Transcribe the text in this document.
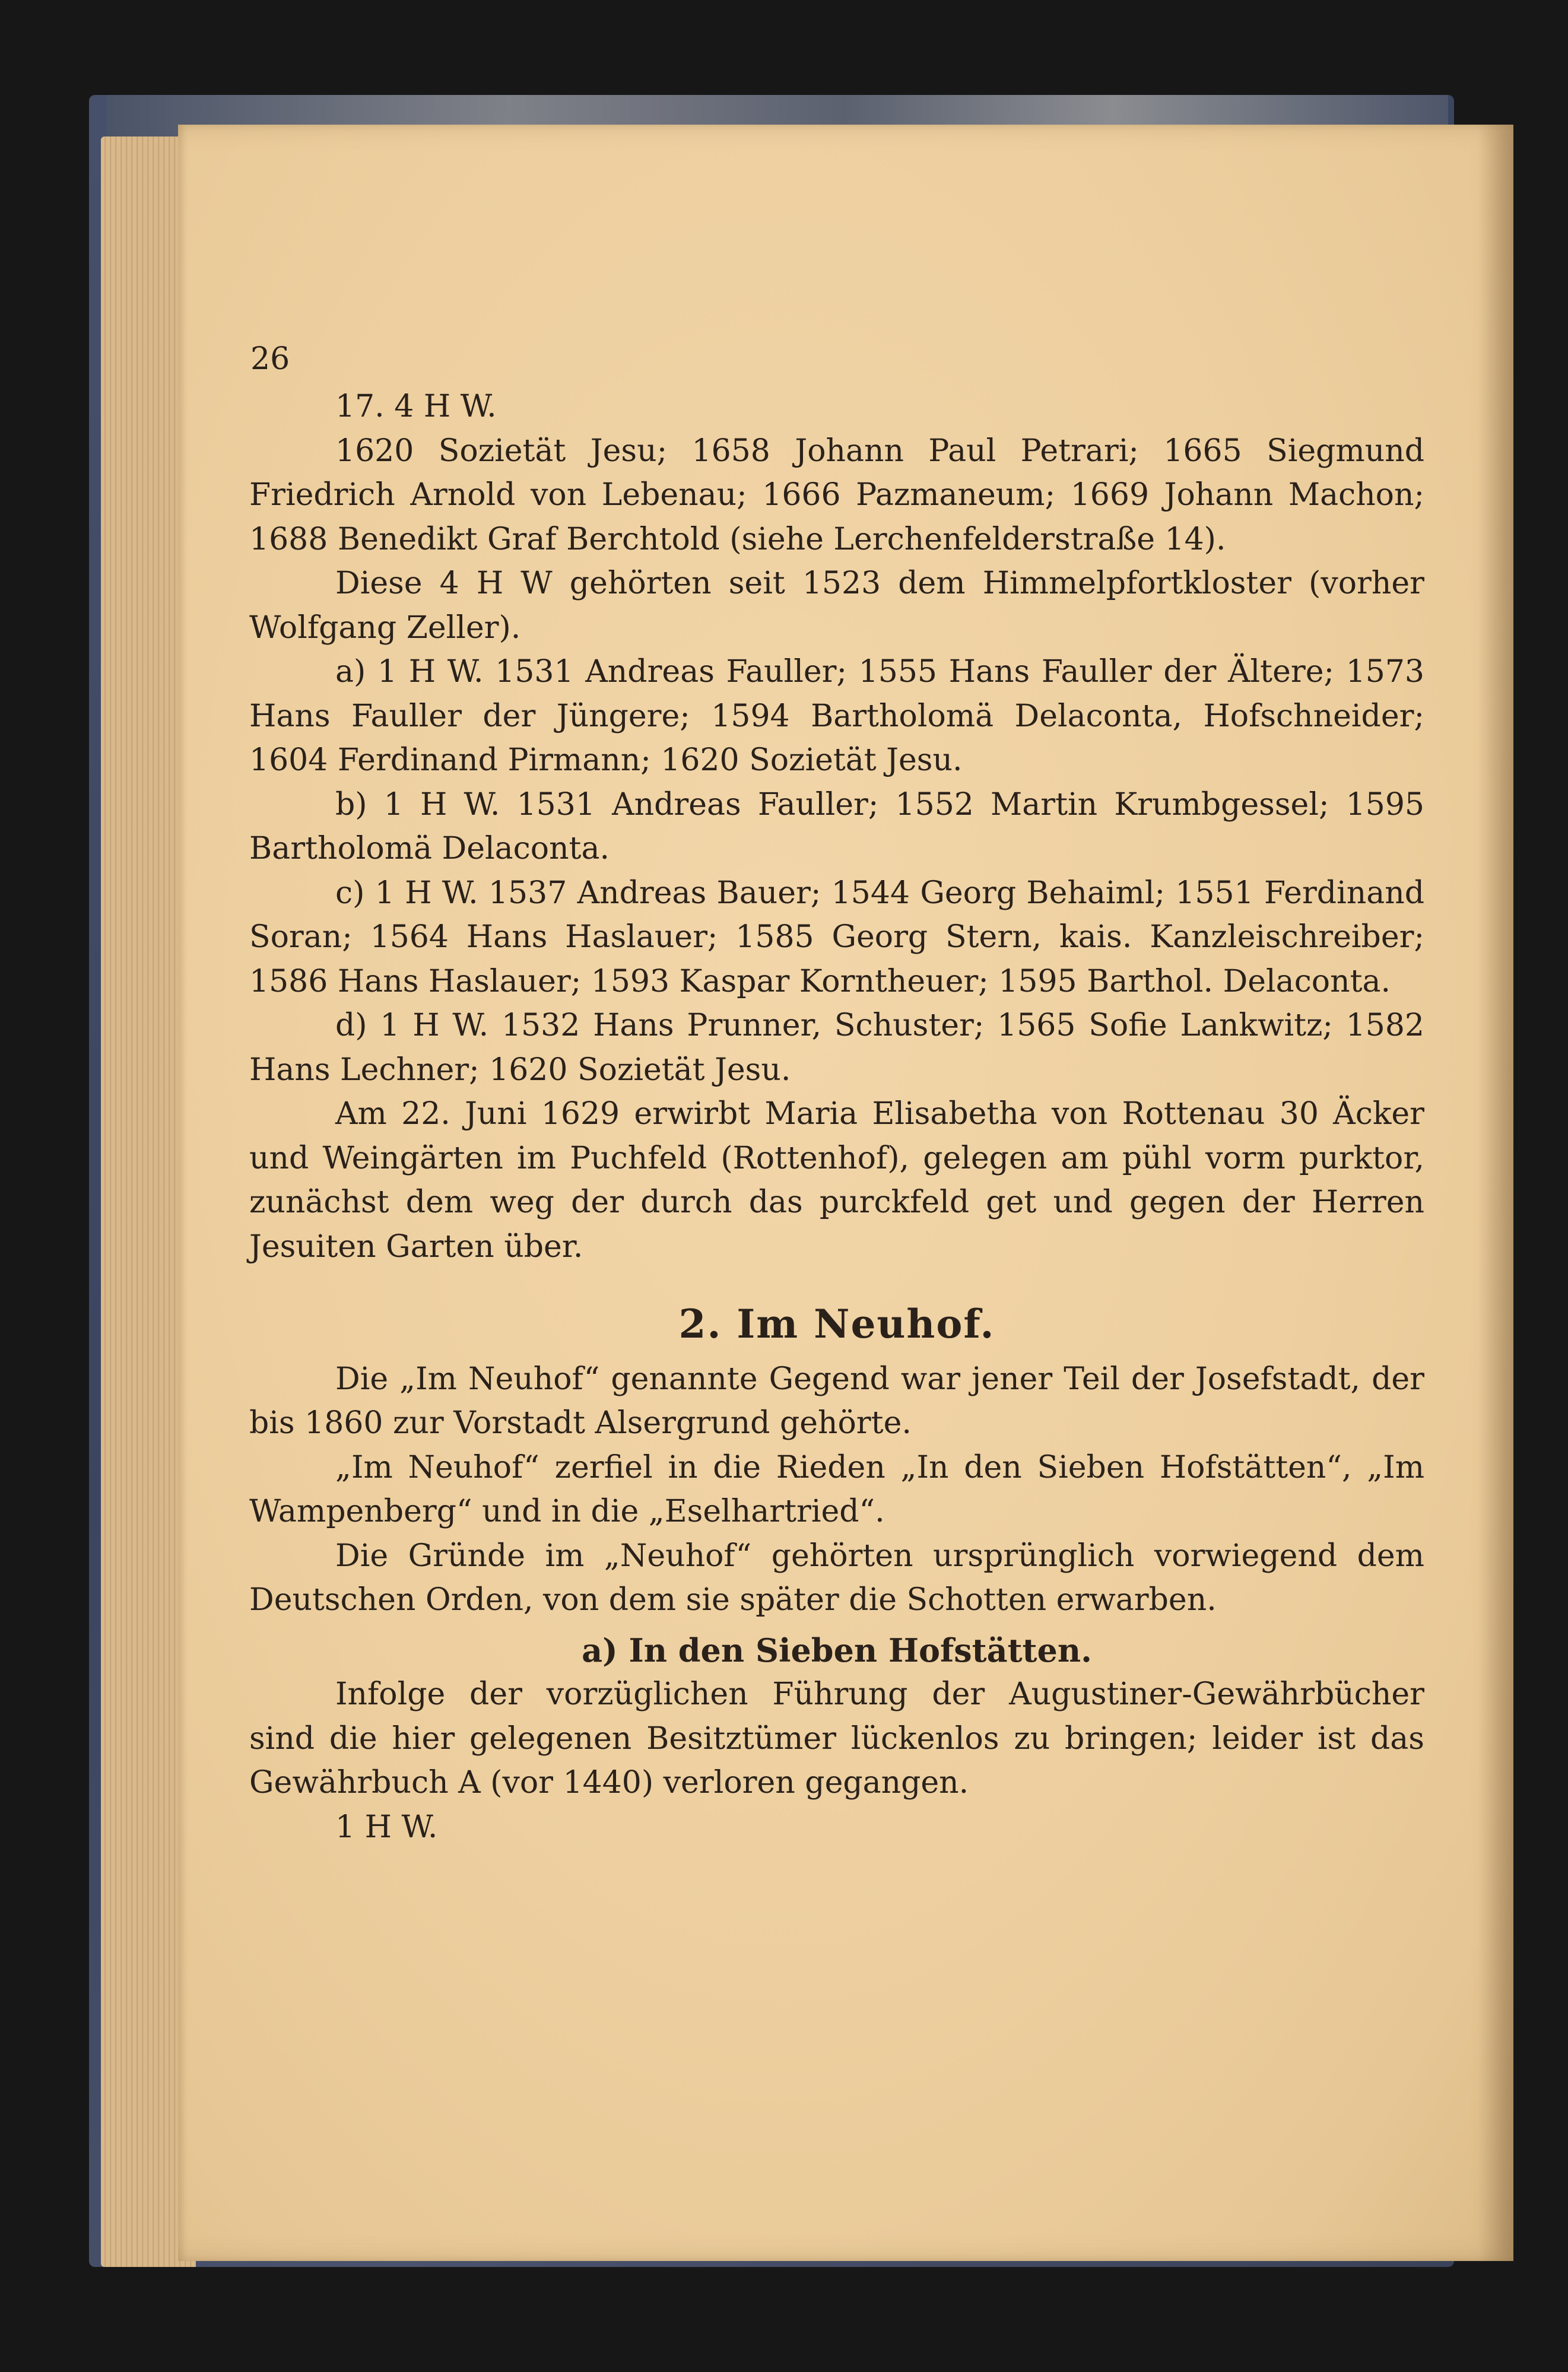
26

17. 4 H W.

1620 Sozietät Jesu; 1658 Johann Paul Petrari; 1665 Siegmund Friedrich Arnold von Lebenau; 1666 Pazmaneum; 1669 Johann Machon; 1688 Benedikt Graf Berchtold (siehe Lerchenfelderstraße 14).

Diese 4 H W gehörten seit 1523 dem Himmelpfortkloster (vorher Wolfgang Zeller).

a) 1 H W. 1531 Andreas Fauller; 1555 Hans Fauller der Ältere; 1573 Hans Fauller der Jüngere; 1594 Bartholomä Delaconta, Hofschneider; 1604 Ferdinand Pirmann; 1620 Sozietät Jesu.

b) 1 H W. 1531 Andreas Fauller; 1552 Martin Krumbgessel; 1595 Bartholomä Delaconta.

c) 1 H W. 1537 Andreas Bauer; 1544 Georg Behaiml; 1551 Ferdinand Soran; 1564 Hans Haslauer; 1585 Georg Stern, kais. Kanzleischreiber; 1586 Hans Haslauer; 1593 Kaspar Korntheuer; 1595 Barthol. Delaconta.

d) 1 H W. 1532 Hans Prunner, Schuster; 1565 Sofie Lankwitz; 1582 Hans Lechner; 1620 Sozietät Jesu.

Am 22. Juni 1629 erwirbt Maria Elisabetha von Rottenau 30 Äcker und Weingärten im Puchfeld (Rottenhof), gelegen am pühl vorm purktor, zunächst dem weg der durch das purckfeld get und gegen der Herren Jesuiten Garten über.

2. Im Neuhof.

Die „Im Neuhof“ genannte Gegend war jener Teil der Josefstadt, der bis 1860 zur Vorstadt Alsergrund gehörte.

„Im Neuhof“ zerfiel in die Rieden „In den Sieben Hofstätten“, „Im Wampenberg“ und in die „Eselhartried“.

Die Gründe im „Neuhof“ gehörten ursprünglich vorwiegend dem Deutschen Orden, von dem sie später die Schotten erwarben.

a) In den Sieben Hofstätten.

Infolge der vorzüglichen Führung der Augustiner-Gewährbücher sind die hier gelegenen Besitztümer lückenlos zu bringen; leider ist das Gewährbuch A (vor 1440) verloren gegangen.

1 H W.
